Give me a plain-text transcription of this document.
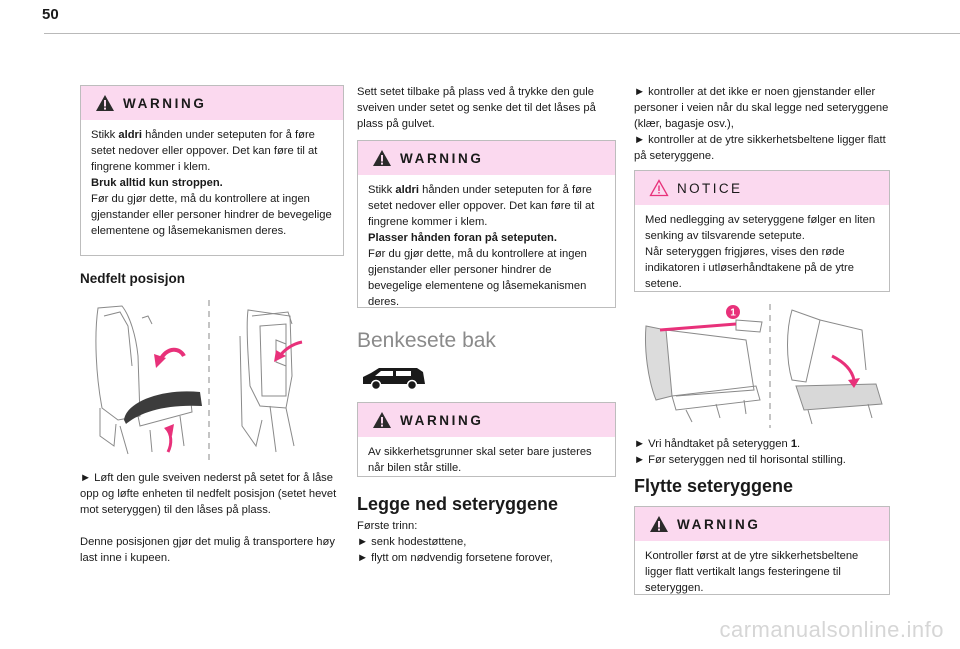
50
WARNING
Stikk aldri hånden under seteputen for å føre setet nedover eller oppover. Det kan føre til at fingrene kommer i klem.
Bruk alltid kun stroppen.
Før du gjør dette, må du kontrollere at ingen gjenstander eller personer hindrer de bevegelige elementene og låsemekanismen deres.
Nedfelt posisjon
► Løft den gule sveiven nederst på setet for å låse opp og løfte enheten til nedfelt posisjon (setet hevet mot seteryggen) til den låses på plass.
Denne posisjonen gjør det mulig å transportere høy last inne i kupeen.
Sett setet tilbake på plass ved å trykke den gule sveiven under setet og senke det til det låses på plass på gulvet.
WARNING
Stikk aldri hånden under seteputen for å føre setet nedover eller oppover. Det kan føre til at fingrene kommer i klem.
Plasser hånden foran på seteputen.
Før du gjør dette, må du kontrollere at ingen gjenstander eller personer hindrer de bevegelige elementene og låsemekanismen deres.
Benkesete bak
WARNING
Av sikkerhetsgrunner skal seter bare justeres når bilen står stille.
Legge ned seteryggene
Første trinn:
► senk hodestøttene,
► flytt om nødvendig forsetene forover,
► kontroller at det ikke er noen gjenstander eller personer i veien når du skal legge ned seteryggene (klær, bagasje osv.),
► kontroller at de ytre sikkerhetsbeltene ligger flatt på seteryggene.
NOTICE
Med nedlegging av seteryggene følger en liten senking av tilsvarende setepute.
Når seteryggen frigjøres, vises den røde indikatoren i utløserhåndtakene på de ytre setene.
1
► Vri håndtaket på seteryggen 1.
► Før seteryggen ned til horisontal stilling.
Flytte seteryggene
WARNING
Kontroller først at de ytre sikkerhetsbeltene ligger flatt vertikalt langs festeringene til seteryggen.
carmanualsonline.info
